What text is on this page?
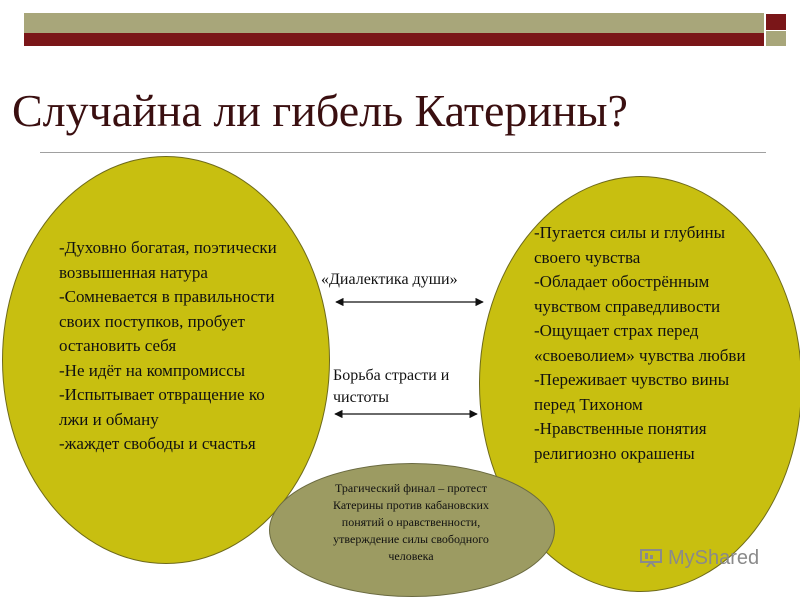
Случайна ли гибель Катерины?
-Духовно богатая, поэтически
возвышенная натура
-Сомневается в правильности
своих поступков, пробует
остановить себя
-Не идёт на компромиссы
-Испытывает отвращение ко
лжи и обману
-жаждет свободы и счастья
-Пугается силы и глубины
своего чувства
-Обладает обострённым
чувством справедливости
-Ощущает страх перед
«своеволием» чувства любви
-Переживает чувство вины
перед Тихоном
-Нравственные понятия
религиозно окрашены
«Диалектика души»
Борьба страсти и
чистоты
Трагический финал – протест
Катерины против кабановских
понятий о нравственности,
утверждение силы свободного
человека	MyShared
